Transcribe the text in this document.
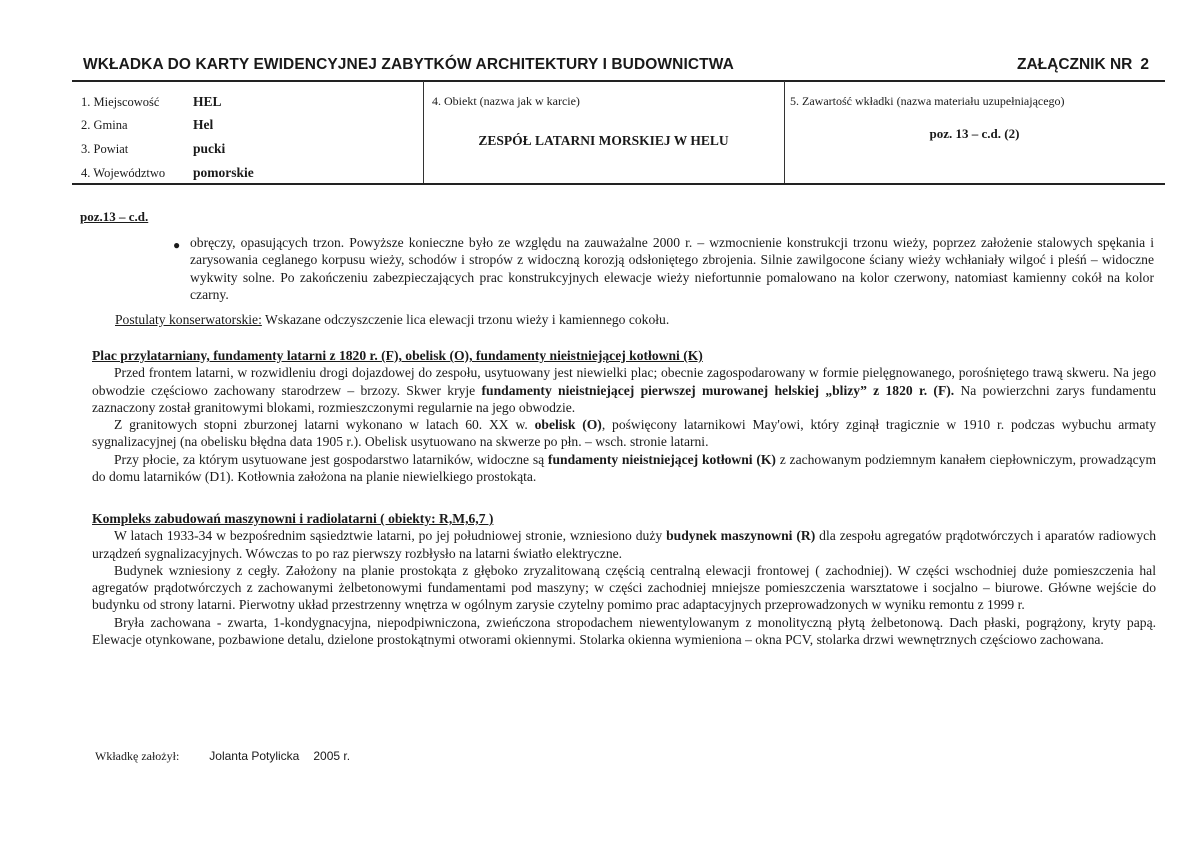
WKŁADKA DO KARTY EWIDENCYJNEJ ZABYTKÓW ARCHITEKTURY I BUDOWNICTWA	ZAŁĄCZNIK NR 2
1. Miejscowość HEL
2. Gmina	Hel
3. Powiat	pucki
4. Województwo pomorskie
4. Obiekt (nazwa jak w karcie)
ZESPÓŁ LATARNI MORSKIEJ W HELU
5. Zawartość wkładki (nazwa materiału uzupełniającego)
poz. 13 – c.d. (2)
poz.13 – c.d.
● obręczy, opasujących trzon. Powyższe konieczne było ze względu na zauważalne 2000 r. – wzmocnienie konstrukcji trzonu wieży, poprzez założenie stalowych spękania i zarysowania ceglanego korpusu wieży, schodów i stropów z widoczną korozją odsłoniętego zbrojenia. Silnie zawilgocone ściany wieży wchłaniały wilgoć i pleśń – widoczne wykwity solne. Po zakończeniu zabezpieczających prac konstrukcyjnych elewacje wieży niefortunnie pomalowano na kolor czerwony, natomiast kamienny cokół na kolor czarny.
Postulaty konserwatorskie: Wskazane odczyszczenie lica elewacji trzonu wieży i kamiennego cokołu.
Plac przylatarniany, fundamenty latarni z 1820 r. (F), obelisk (O), fundamenty nieistniejącej kotłowni (K)

Przed frontem latarni, w rozwidleniu drogi dojazdowej do zespołu, usytuowany jest niewielki plac; obecnie zagospodarowany w formie pielęgnowanego, porośniętego trawą skweru. Na jego obwodzie częściowo zachowany starodrzew – brzozy. Skwer kryje fundamenty nieistniejącej pierwszej murowanej helskiej „blizy” z 1820 r. (F). Na powierzchni zarys fundamentu zaznaczony został granitowymi blokami, rozmieszczonymi regularnie na jego obwodzie.

Z granitowych stopni zburzonej latarni wykonano w latach 60. XX w. obelisk (O), poświęcony latarnikowi May'owi, który zginął tragicznie w 1910 r. podczas wybuchu armaty sygnalizacyjnej (na obelisku błędna data 1905 r.). Obelisk usytuowano na skwerze po płn. – wsch. stronie latarni.

Przy płocie, za którym usytuowane jest gospodarstwo latarników, widoczne są fundamenty nieistniejącej kotłowni (K) z zachowanym podziemnym kanałem ciepłowniczym, prowadzącym do domu latarników (D1). Kotłownia założona na planie niewielkiego prostokąta.

Kompleks zabudowań maszynowni i radiolatarni ( obiekty: R,M,6,7 )

W latach 1933-34 w bezpośrednim sąsiedztwie latarni, po jej południowej stronie, wzniesiono duży budynek maszynowni (R) dla zespołu agregatów prądotwórczych i aparatów radiowych urządzeń sygnalizacyjnych. Wówczas to po raz pierwszy rozbłysło na latarni światło elektryczne.

Budynek wzniesiony z cegły. Założony na planie prostokąta z głęboko zryzalitowaną częścią centralną elewacji frontowej ( zachodniej). W części wschodniej duże pomieszczenia hal agregatów prądotwórczych z zachowanymi żelbetonowymi fundamentami pod maszyny; w części zachodniej mniejsze pomieszczenia warsztatowe i socjalno – biurowe. Główne wejście do budynku od strony latarni. Pierwotny układ przestrzenny wnętrza w ogólnym zarysie czytelny pomimo prac adaptacyjnych przeprowadzonych w wyniku remontu z 1999 r.

Bryła zachowana - zwarta, 1-kondygnacyjna, niepodpiwniczona, zwieńczona stropodachem niewentylowanym z monolityczną płytą żelbetonową. Dach płaski, pogrążony, kryty papą. Elewacje otynkowane, pozbawione detalu, dzielone prostokątnymi otworami okiennymi. Stolarka okienna wymieniona – okna PCV, stolarka drzwi wewnętrznych częściowo zachowana.

Wkładkę założył:	Jolanta Potylicka 2005 r.
